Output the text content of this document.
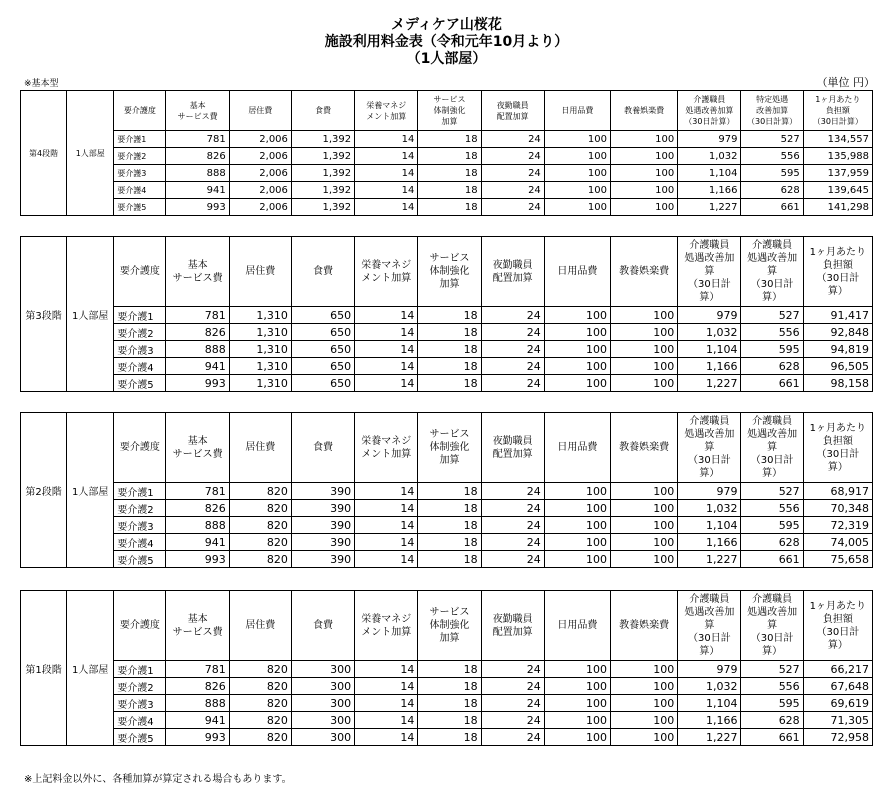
メディケア山桜花
施設利用料金表（令和元年10月より）
（1人部屋）
※基本型	（単位 円）
第4段階	1人部屋	要介護度	基本
サービス費	居住費	食費	栄養マネジ
メント加算	サービス
体制強化
加算	夜勤職員
配置加算	日用品費	教養娯楽費	介護職員
処遇改善加算
（30日計算）	特定処遇
改善加算
（30日計算）	1ヶ月あたり
負担額
（30日計算）
		要介護1	781	2,006	1,392	14	18	24	100	100	979	527	134,557
		要介護2	826	2,006	1,392	14	18	24	100	100	1,032	556	135,988
		要介護3	888	2,006	1,392	14	18	24	100	100	1,104	595	137,959
		要介護4	941	2,006	1,392	14	18	24	100	100	1,166	628	139,645
		要介護5	993	2,006	1,392	14	18	24	100	100	1,227	661	141,298
第3段階	1人部屋	要介護度	基本
サービス費	居住費	食費	栄養マネジ
メント加算	サービス
体制強化
加算	夜勤職員
配置加算	日用品費	教養娯楽費	介護職員
処遇改善加
算
（30日計
算）	介護職員
処遇改善加
算
（30日計
算）	1ヶ月あたり
負担額
（30日計
算）
		要介護1	781	1,310	650	14	18	24	100	100	979	527	91,417
		要介護2	826	1,310	650	14	18	24	100	100	1,032	556	92,848
		要介護3	888	1,310	650	14	18	24	100	100	1,104	595	94,819
		要介護4	941	1,310	650	14	18	24	100	100	1,166	628	96,505
		要介護5	993	1,310	650	14	18	24	100	100	1,227	661	98,158
第2段階	1人部屋	要介護度	基本
サービス費	居住費	食費	栄養マネジ
メント加算	サービス
体制強化
加算	夜勤職員
配置加算	日用品費	教養娯楽費	介護職員
処遇改善加
算
（30日計
算）	介護職員
処遇改善加
算
（30日計
算）	1ヶ月あたり
負担額
（30日計
算）
		要介護1	781	820	390	14	18	24	100	100	979	527	68,917
		要介護2	826	820	390	14	18	24	100	100	1,032	556	70,348
		要介護3	888	820	390	14	18	24	100	100	1,104	595	72,319
		要介護4	941	820	390	14	18	24	100	100	1,166	628	74,005
		要介護5	993	820	390	14	18	24	100	100	1,227	661	75,658
第1段階	1人部屋	要介護度	基本
サービス費	居住費	食費	栄養マネジ
メント加算	サービス
体制強化
加算	夜勤職員
配置加算	日用品費	教養娯楽費	介護職員
処遇改善加
算
（30日計
算）	介護職員
処遇改善加
算
（30日計
算）	1ヶ月あたり
負担額
（30日計
算）
		要介護1	781	820	300	14	18	24	100	100	979	527	66,217
		要介護2	826	820	300	14	18	24	100	100	1,032	556	67,648
		要介護3	888	820	300	14	18	24	100	100	1,104	595	69,619
		要介護4	941	820	300	14	18	24	100	100	1,166	628	71,305
		要介護5	993	820	300	14	18	24	100	100	1,227	661	72,958
※上記料金以外に、各種加算が算定される場合もあります。
